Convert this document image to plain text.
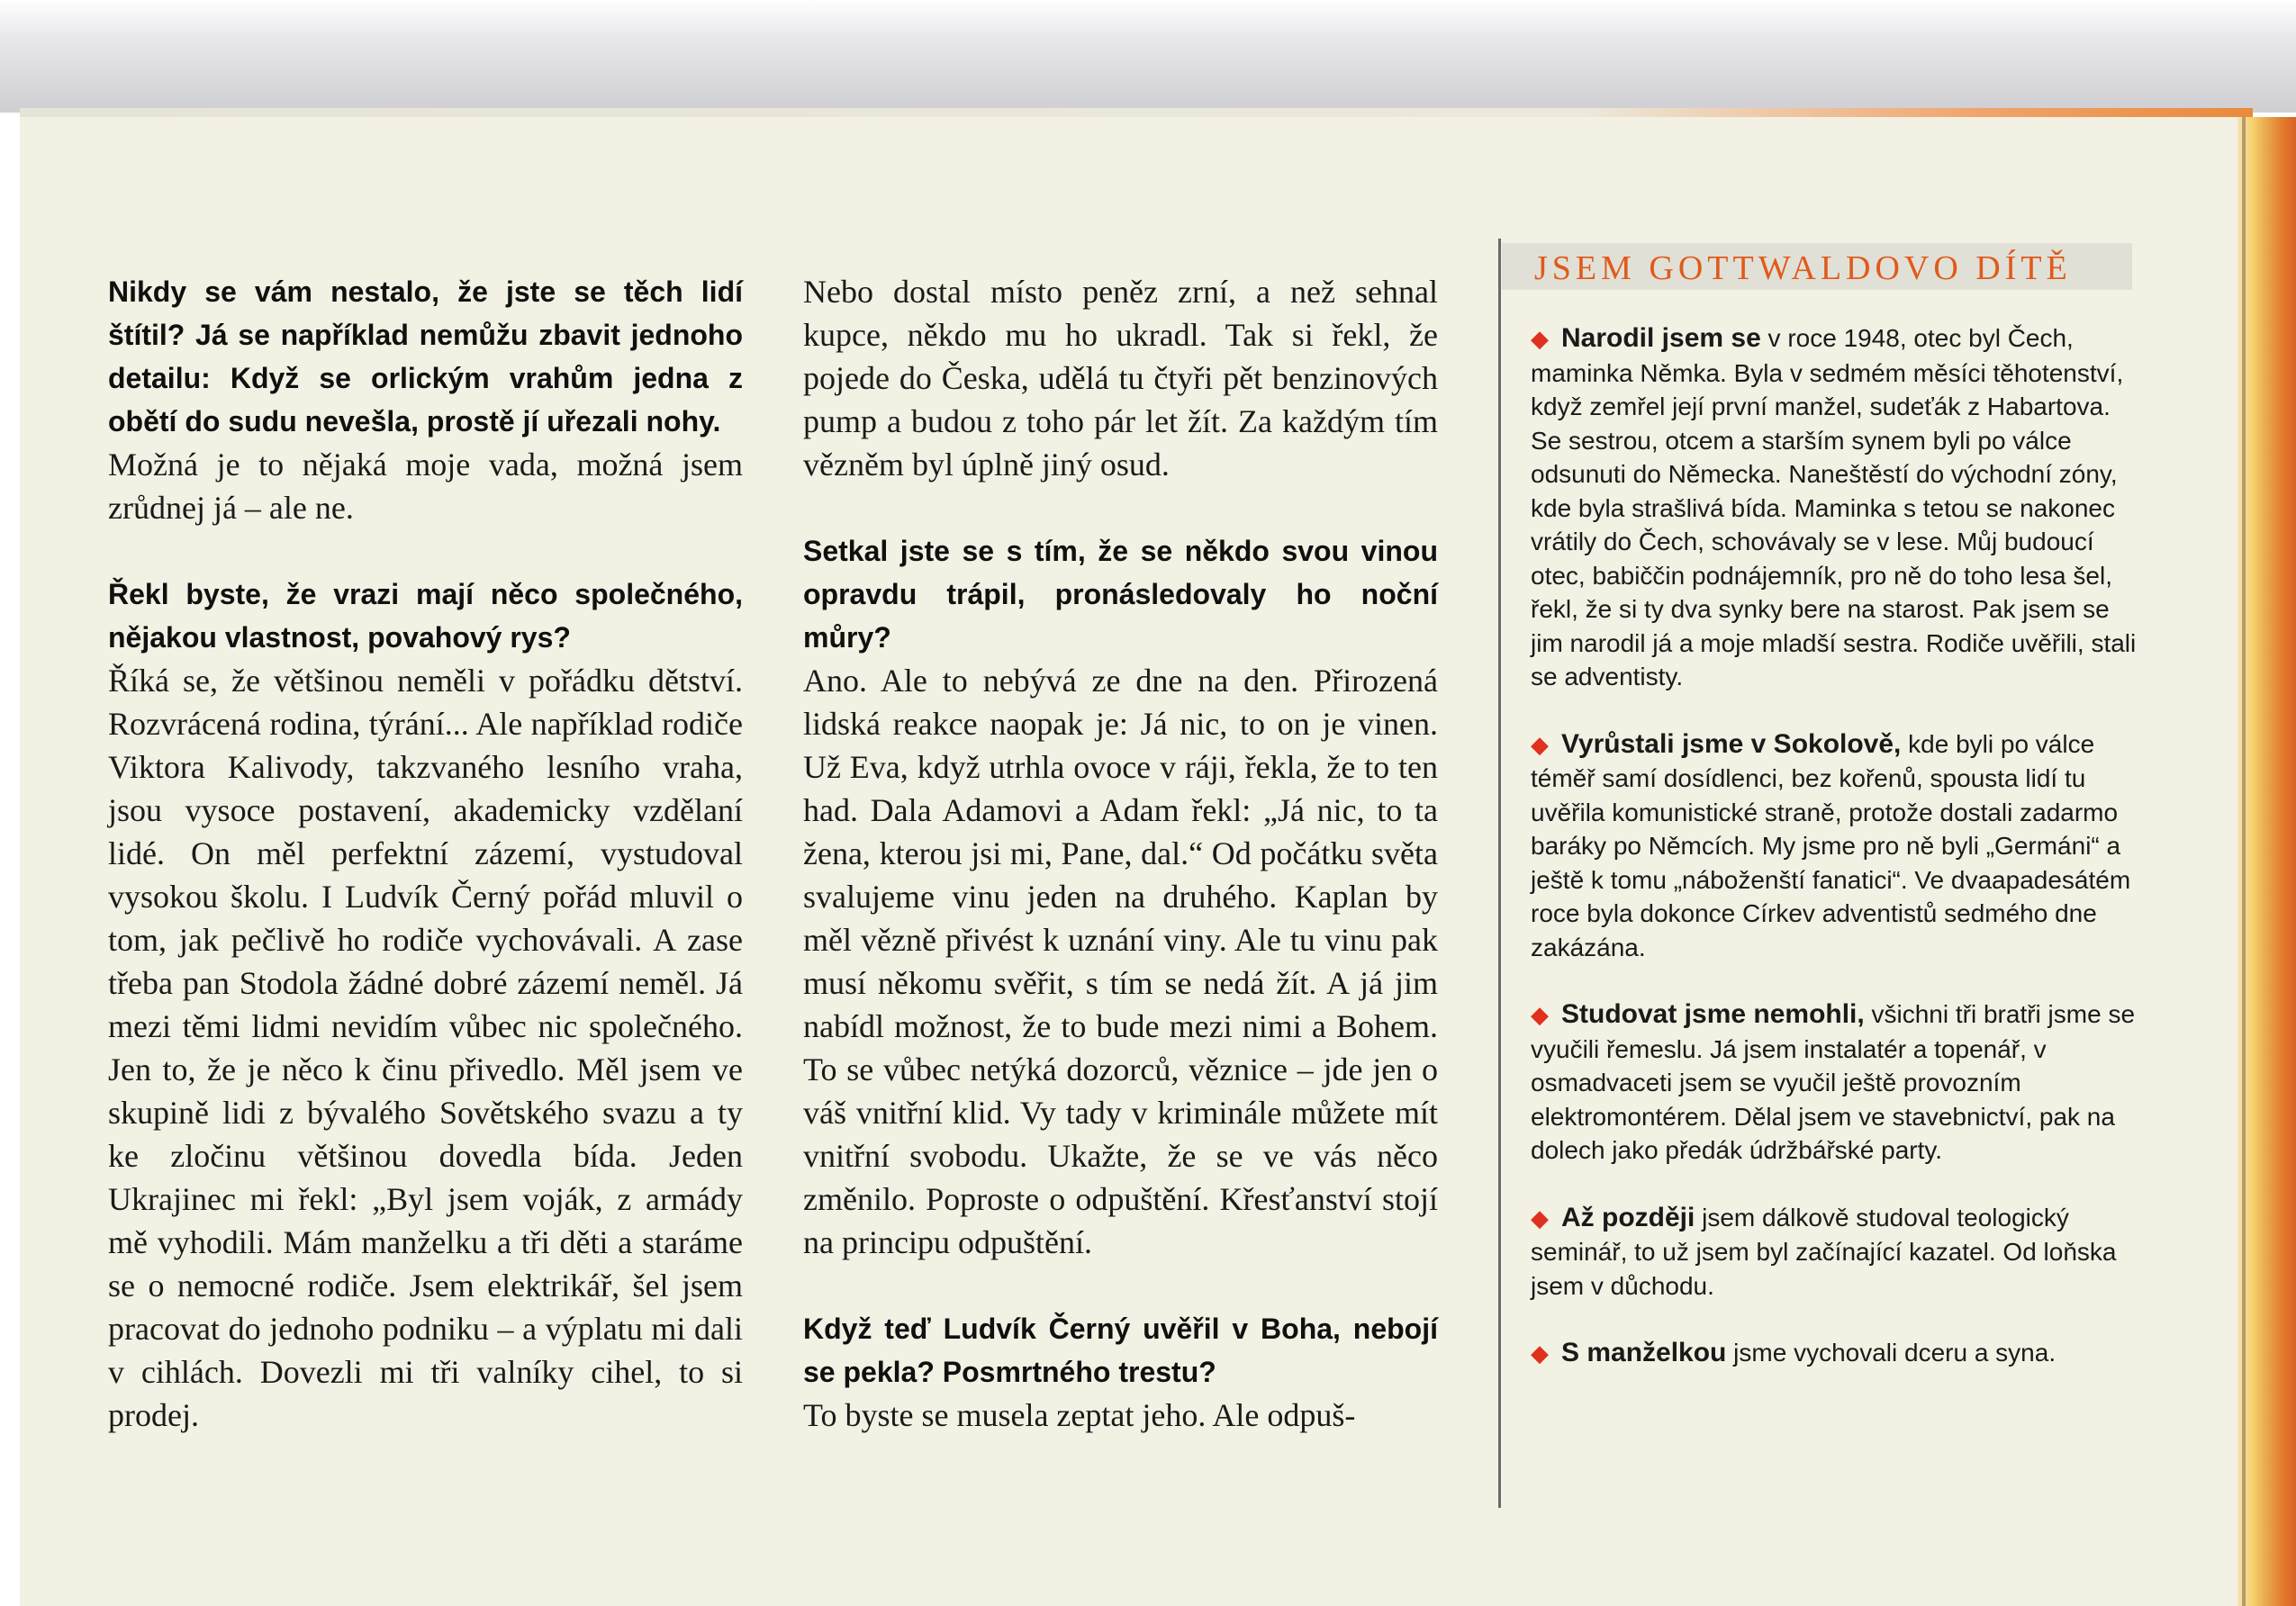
Nikdy se vám nestalo, že jste se těch lidí štítil? Já se například nemůžu zbavit jednoho detailu: Když se orlickým vrahům jedna z obětí do sudu nevešla, prostě jí uřezali nohy.

Možná je to nějaká moje vada, možná jsem zrůdnej já – ale ne.

Řekl byste, že vrazi mají něco společného, nějakou vlastnost, povahový rys?

Říká se, že většinou neměli v pořádku dětství. Rozvrácená rodina, týrání... Ale například rodiče Viktora Kalivody, takzvaného lesního vraha, jsou vysoce postavení, akademicky vzdělaní lidé. On měl perfektní zázemí, vystudoval vysokou školu. I Ludvík Černý pořád mluvil o tom, jak pečlivě ho rodiče vychovávali. A zase třeba pan Stodola žádné dobré zázemí neměl. Já mezi těmi lidmi nevidím vůbec nic společného. Jen to, že je něco k činu přivedlo. Měl jsem ve skupině lidi z bývalého Sovětského svazu a ty ke zločinu většinou dovedla bída. Jeden Ukrajinec mi řekl: „Byl jsem voják, z armády mě vyhodili. Mám manželku a tři děti a staráme se o nemocné rodiče. Jsem elektrikář, šel jsem pracovat do jednoho podniku – a výplatu mi dali v cihlách. Dovezli mi tři valníky cihel, to si prodej.

Nebo dostal místo peněz zrní, a než sehnal kupce, někdo mu ho ukradl. Tak si řekl, že pojede do Česka, udělá tu čtyři pět benzinových pump a budou z toho pár let žít. Za každým tím vězněm byl úplně jiný osud.

Setkal jste se s tím, že se někdo svou vinou opravdu trápil, pronásledovaly ho noční můry?

Ano. Ale to nebývá ze dne na den. Přirozená lidská reakce naopak je: Já nic, to on je vinen. Už Eva, když utrhla ovoce v ráji, řekla, že to ten had. Dala Adamovi a Adam řekl: „Já nic, to ta žena, kterou jsi mi, Pane, dal.“ Od počátku světa svalujeme vinu jeden na druhého. Kaplan by měl vězně přivést k uznání viny. Ale tu vinu pak musí někomu svěřit, s tím se nedá žít. A já jim nabídl možnost, že to bude mezi nimi a Bohem. To se vůbec netýká dozorců, věznice – jde jen o váš vnitřní klid. Vy tady v kriminále můžete mít vnitřní svobodu. Ukažte, že se ve vás něco změnilo. Poproste o odpuštění. Křesťanství stojí na principu odpuštění.

Když teď Ludvík Černý uvěřil v Boha, nebojí se pekla? Posmrtného trestu?

To byste se musela zeptat jeho. Ale odpuš-

JSEM GOTTWALDOVO DÍTĚ

◆ Narodil jsem se v roce 1948, otec byl Čech, maminka Němka. Byla v sedmém měsíci těhotenství, když zemřel její první manžel, sudeťák z Habartova. Se sestrou, otcem a starším synem byli po válce odsunuti do Německa. Naneštěstí do východní zóny, kde byla strašlivá bída. Maminka s tetou se nakonec vrátily do Čech, schovávaly se v lese. Můj budoucí otec, babiččin podnájemník, pro ně do toho lesa šel, řekl, že si ty dva synky bere na starost. Pak jsem se jim narodil já a moje mladší sestra. Rodiče uvěřili, stali se adventisty.

◆ Vyrůstali jsme v Sokolově, kde byli po válce téměř samí dosídlenci, bez kořenů, spousta lidí tu uvěřila komunistické straně, protože dostali zadarmo baráky po Němcích. My jsme pro ně byli „Germáni“ a ještě k tomu „náboženští fanatici“. Ve dvaapadesátém roce byla dokonce Církev adventistů sedmého dne zakázána.

◆ Studovat jsme nemohli, všichni tři bratři jsme se vyučili řemeslu. Já jsem instalatér a topenář, v osmadvaceti jsem se vyučil ještě provozním elektromontérem. Dělal jsem ve stavebnictví, pak na dolech jako předák údržbářské party.

◆ Až později jsem dálkově studoval teologický seminář, to už jsem byl začínající kazatel. Od loňska jsem v důchodu.

◆ S manželkou jsme vychovali dceru a syna.
